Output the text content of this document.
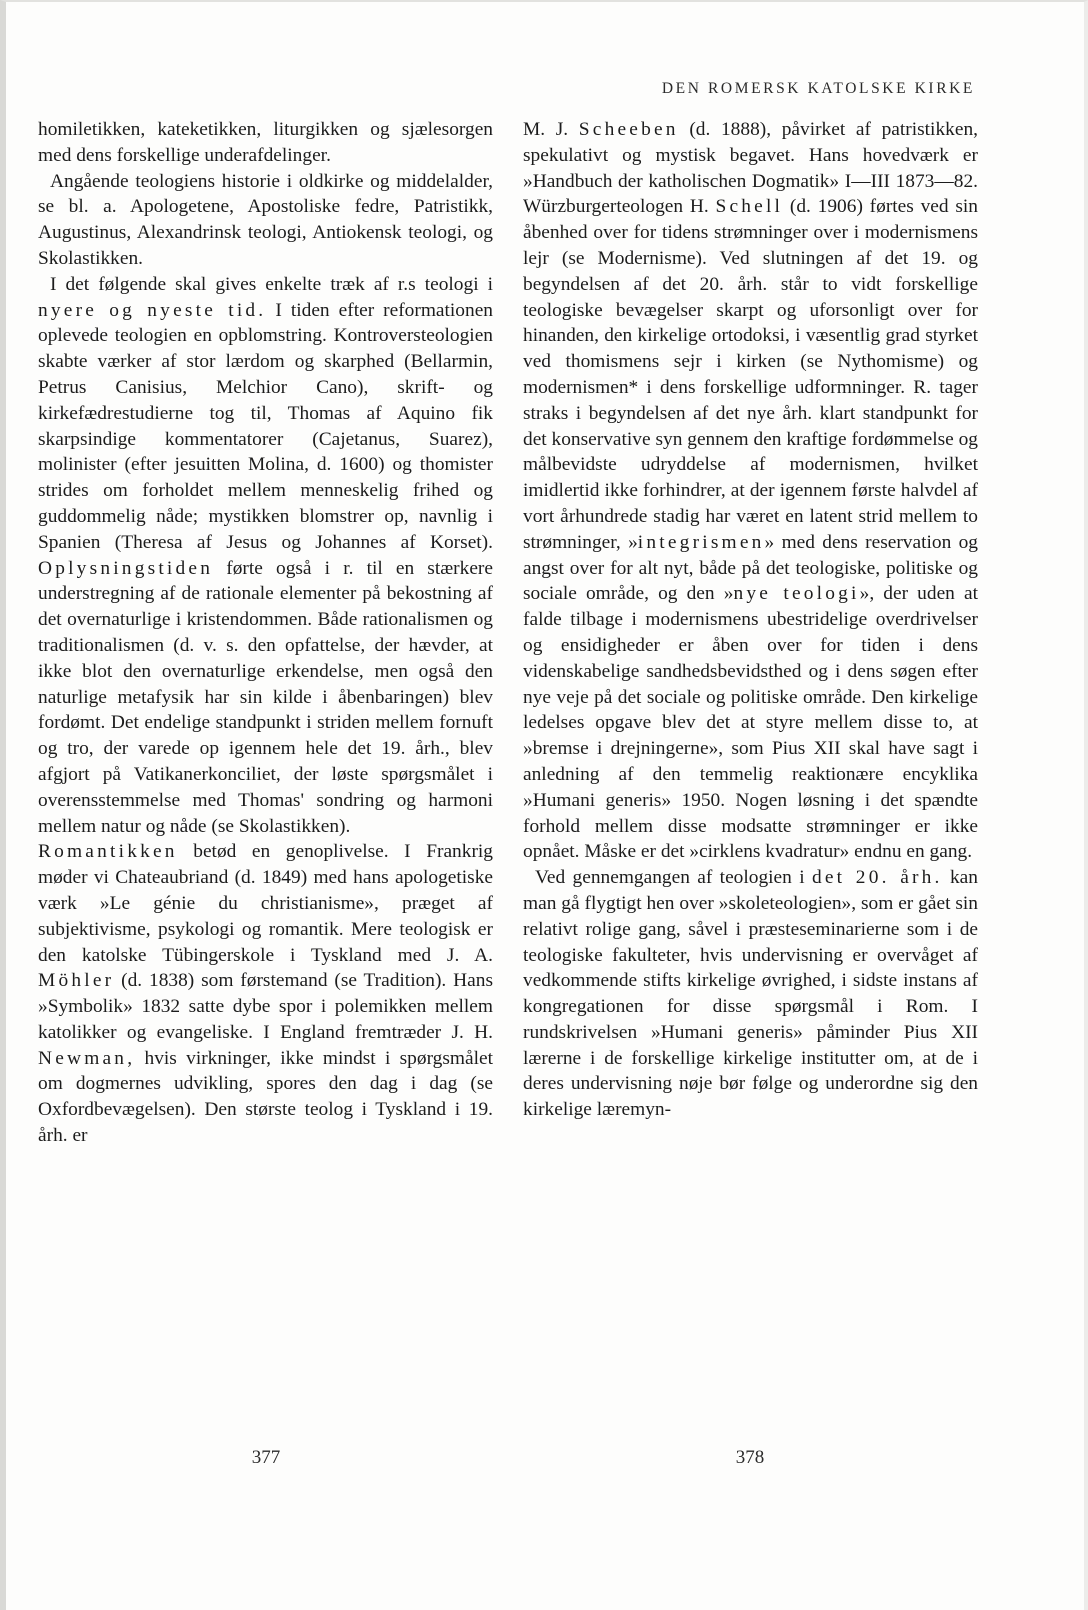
DEN ROMERSK KATOLSKE KIRKE

homiletikken, kateketikken, liturgikken og sjælesorgen med dens forskellige underafdelinger.

Angående teologiens historie i oldkirke og middelalder, se bl. a. Apologetene, Apostoliske fedre, Patristikk, Augustinus, Alexandrinsk teologi, Antiokensk teologi, og Skolastikken.

I det følgende skal gives enkelte træk af r.s teologi i nyere og nyeste tid. I tiden efter reformationen oplevede teologien en opblomstring. Kontroversteologien skabte værker af stor lærdom og skarphed (Bellarmin, Petrus Canisius, Melchior Cano), skrift- og kirkefædrestudierne tog til, Thomas af Aquino fik skarpsindige kommentatorer (Cajetanus, Suarez), molinister (efter jesuitten Molina, d. 1600) og thomister strides om forholdet mellem menneskelig frihed og guddommelig nåde; mystikken blomstrer op, navnlig i Spanien (Theresa af Jesus og Johannes af Korset). Oplysningstiden førte også i r. til en stærkere understregning af de rationale elementer på bekostning af det overnaturlige i kristendommen. Både rationalismen og traditionalismen (d. v. s. den opfattelse, der hævder, at ikke blot den overnaturlige erkendelse, men også den naturlige metafysik har sin kilde i åbenbaringen) blev fordømt. Det endelige standpunkt i striden mellem fornuft og tro, der varede op igennem hele det 19. årh., blev afgjort på Vatikanerkonciliet, der løste spørgsmålet i overensstemmelse med Thomas' sondring og harmoni mellem natur og nåde (se Skolastikken).

Romantikken betød en genoplivelse. I Frankrig møder vi Chateaubriand (d. 1849) med hans apologetiske værk »Le génie du christianisme», præget af subjektivisme, psykologi og romantik. Mere teologisk er den katolske Tübingerskole i Tyskland med J. A. Möhler (d. 1838) som førstemand (se Tradition). Hans »Symbolik» 1832 satte dybe spor i polemikken mellem katolikker og evangeliske. I England fremtræder J. H. Newman, hvis virkninger, ikke mindst i spørgsmålet om dogmernes udvikling, spores den dag i dag (se Oxfordbevægelsen). Den største teolog i Tyskland i 19. årh. er

M. J. Scheeben (d. 1888), påvirket af patristikken, spekulativt og mystisk begavet. Hans hovedværk er »Handbuch der katholischen Dogmatik» I—III 1873—82. Würzburgerteologen H. Schell (d. 1906) førtes ved sin åbenhed over for tidens strømninger over i modernismens lejr (se Modernisme). Ved slutningen af det 19. og begyndelsen af det 20. årh. står to vidt forskellige teologiske bevægelser skarpt og uforsonligt over for hinanden, den kirkelige ortodoksi, i væsentlig grad styrket ved thomismens sejr i kirken (se Nythomisme) og modernismen* i dens forskellige udformninger. R. tager straks i begyndelsen af det nye årh. klart standpunkt for det konservative syn gennem den kraftige fordømmelse og målbevidste udryddelse af modernismen, hvilket imidlertid ikke forhindrer, at der igennem første halvdel af vort århundrede stadig har været en latent strid mellem to strømninger, »integrismen» med dens reservation og angst over for alt nyt, både på det teologiske, politiske og sociale område, og den »nye teologi», der uden at falde tilbage i modernismens ubestridelige overdrivelser og ensidigheder er åben over for tiden i dens videnskabelige sandhedsbevidsthed og i dens søgen efter nye veje på det sociale og politiske område. Den kirkelige ledelses opgave blev det at styre mellem disse to, at »bremse i drejningerne», som Pius XII skal have sagt i anledning af den temmelig reaktionære encyklika »Humani generis» 1950. Nogen løsning i det spændte forhold mellem disse modsatte strømninger er ikke opnået. Måske er det »cirklens kvadratur» endnu en gang.

Ved gennemgangen af teologien i det 20. årh. kan man gå flygtigt hen over »skoleteologien», som er gået sin relativt rolige gang, såvel i præsteseminarierne som i de teologiske fakulteter, hvis undervisning er overvåget af vedkommende stifts kirkelige øvrighed, i sidste instans af kongregationen for disse spørgsmål i Rom. I rundskrivelsen »Humani generis» påminder Pius XII lærerne i de forskellige kirkelige institutter om, at de i deres undervisning nøje bør følge og underordne sig den kirkelige læremyn-

377	378
